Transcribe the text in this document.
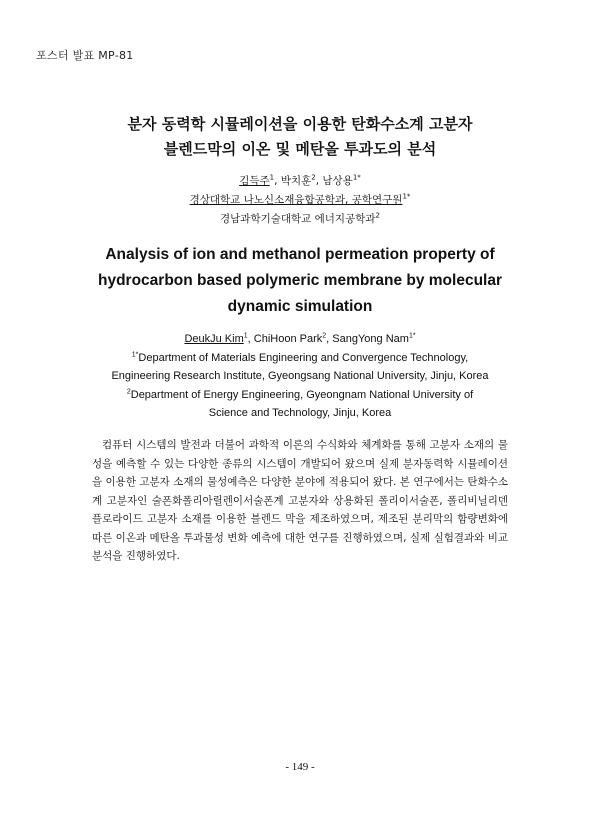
포스터 발표 MP-81
분자 동력학 시뮬레이션을 이용한 탄화수소계 고분자
블렌드막의 이온 및 메탄올 투과도의 분석
김득주$^1$, 박치훈$^2$, 남상용$^{1*}$
경상대학교 나노신소재융합공학과, 공학연구원$^{1*}$
경남과학기술대학교 에너지공학과$^2$
Analysis of ion and methanol permeation property of
hydrocarbon based polymeric membrane by molecular
dynamic simulation
DeukJu Kim$^1$, ChiHoon Park$^2$, SangYong Nam$^{1*}$
$^{1*}$Department of Materials Engineering and Convergence Technology,
Engineering Research Institute, Gyeongsang National University, Jinju, Korea
$^2$Department of Energy Engineering, Gyeongnam National University of
Science and Technology, Jinju, Korea
컴퓨터 시스템의 발전과 더불어 과학적 이론의 수식화와 체계화를 통해 고분자 소재의 물성을 예측할 수 있는 다양한 종류의 시스템이 개발되어 왔으며 실제 분자동력학 시뮬레이션을 이용한 고분자 소재의 물성예측은 다양한 분야에 적용되어 왔다. 본 연구에서는 탄화수소계 고분자인 술폰화폴리아릴렌이서술폰계 고분자와 상용화된 폴리이서술폰, 폴리비닐리덴플로라이드 고분자 소재를 이용한 블렌드 막을 제조하였으며, 제조된 분리막의 함량변화에 따른 이온과 메탄올 투과물성 변화 예측에 대한 연구를 진행하였으며, 실제 실험결과와 비교분석을 진행하였다.
- 149 -
